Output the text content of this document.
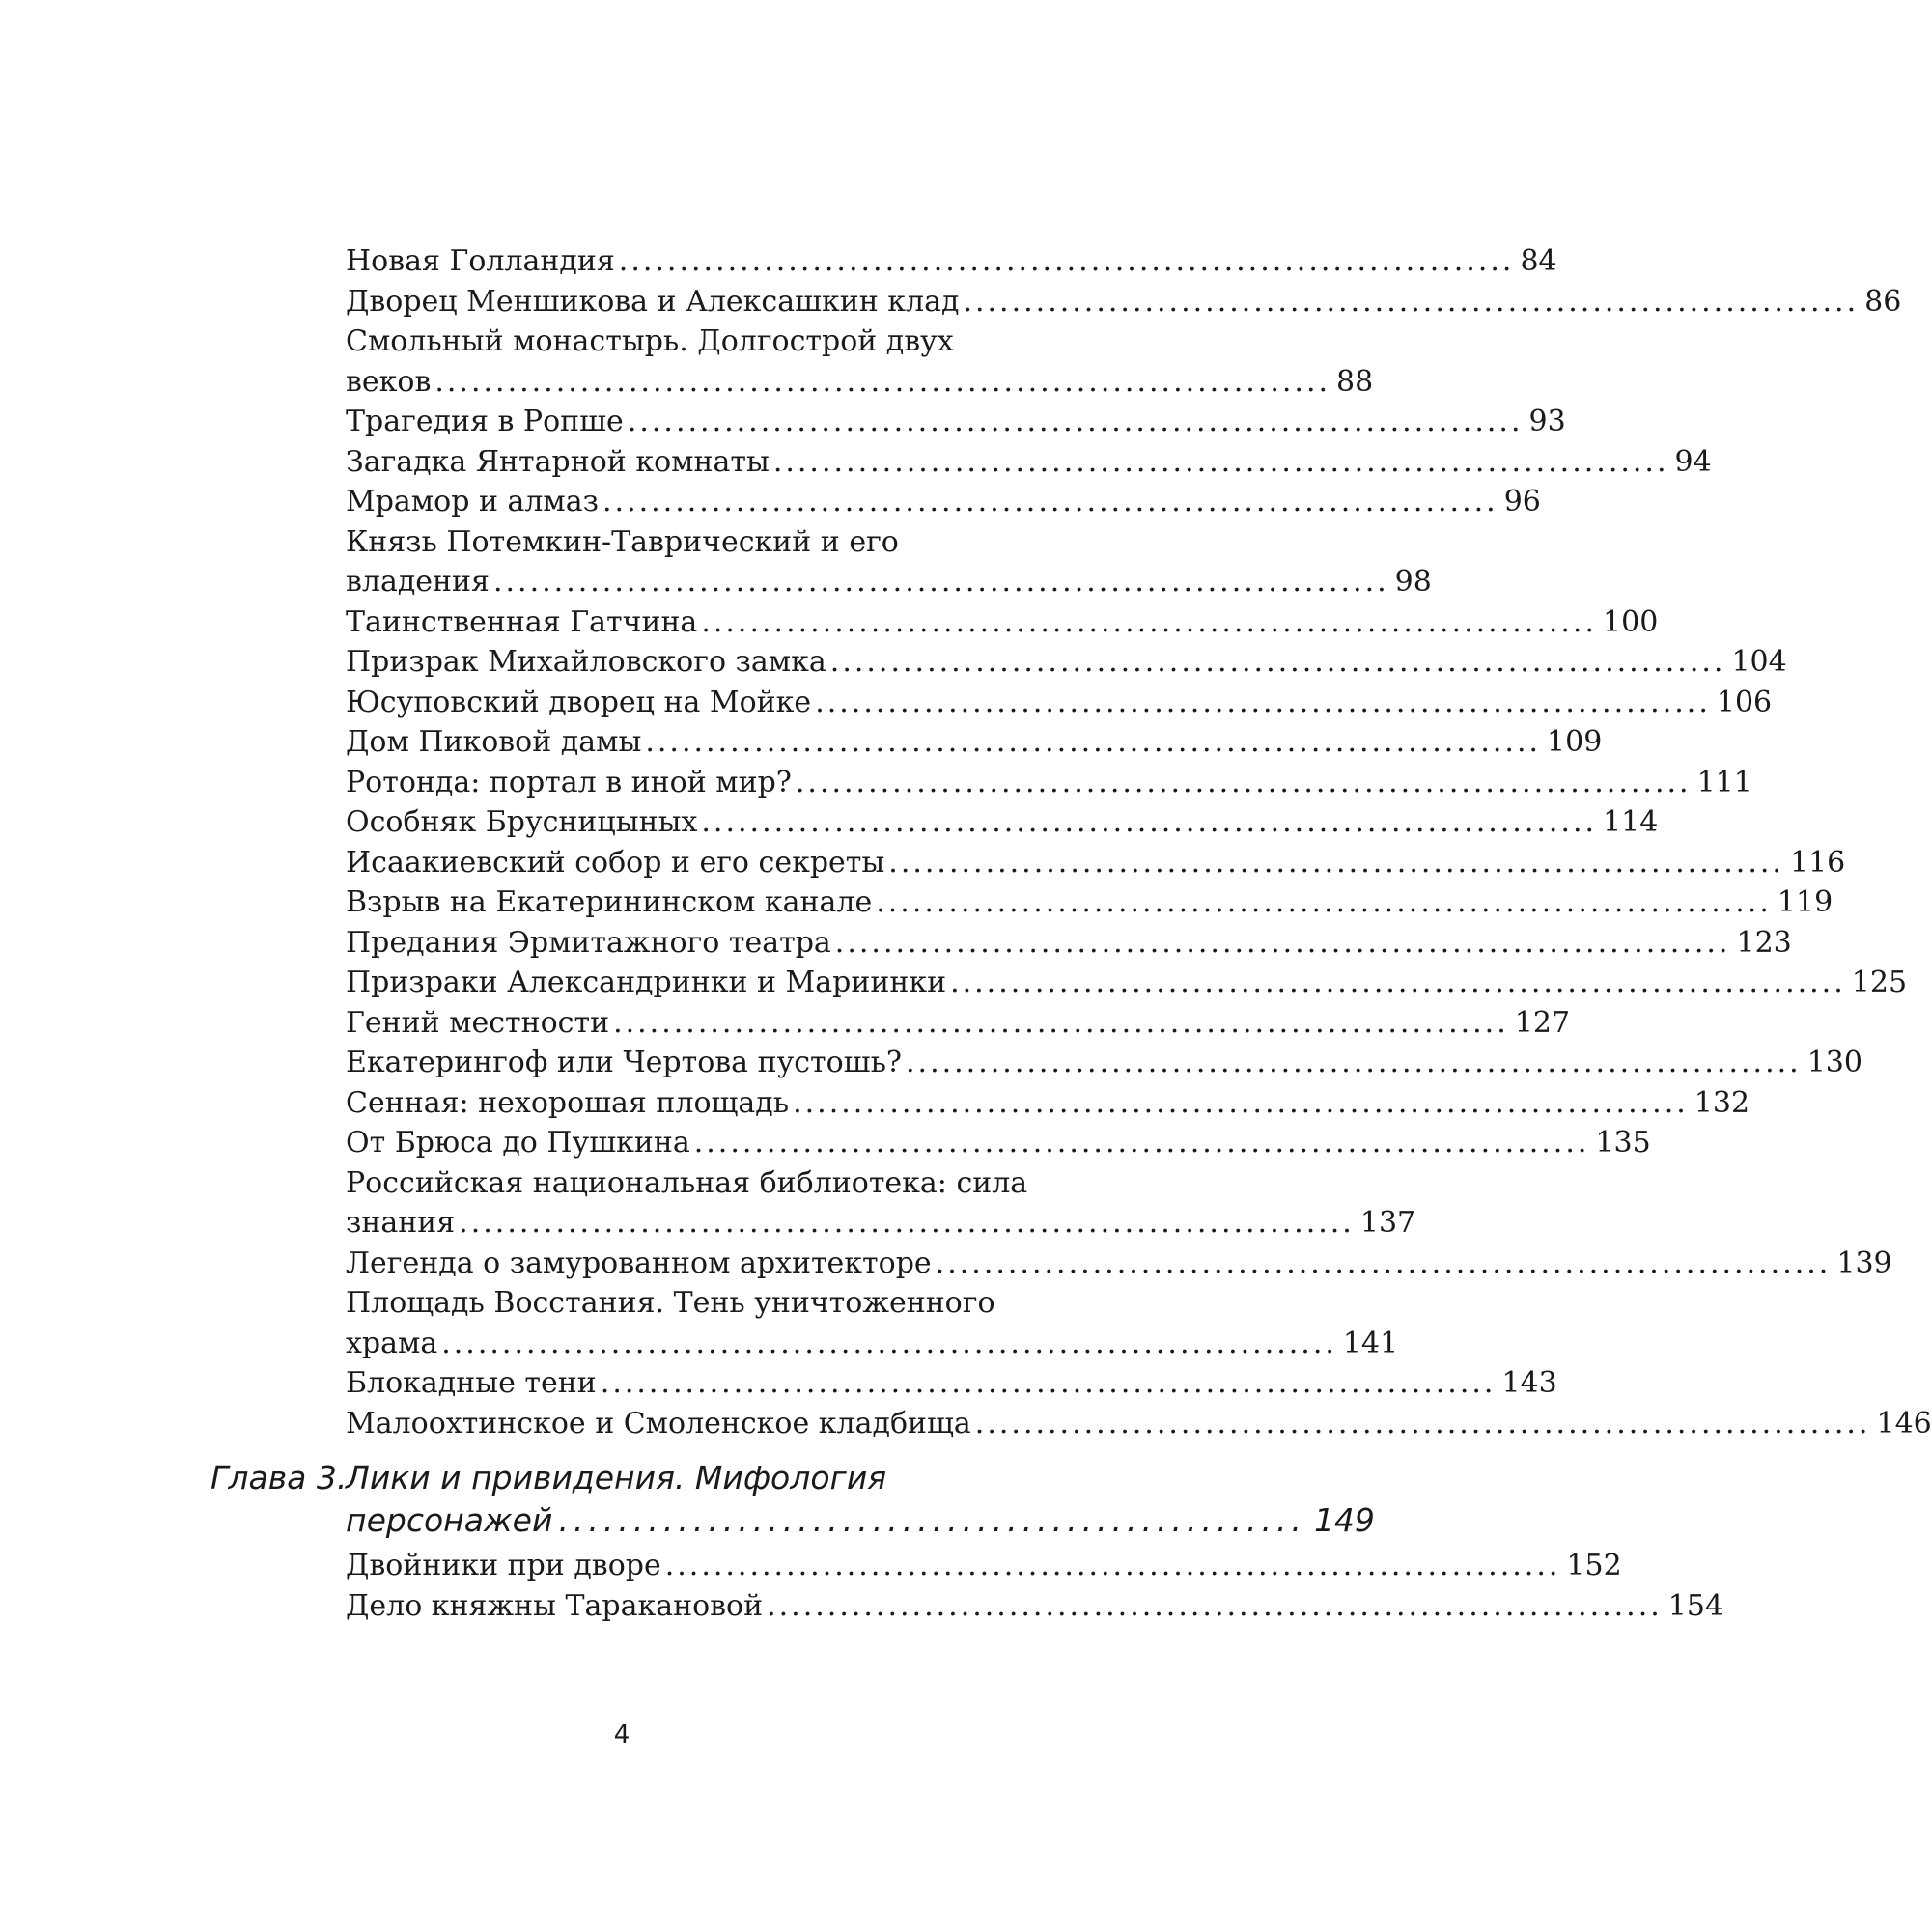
Новая Голландия .......................................................................... 84
Дворец Меншикова и Алексашкин клад .......................................................................... 86
Смольный монастырь. Долгострой двух
веков .......................................................................... 88
Трагедия в Ропше .......................................................................... 93
Загадка Янтарной комнаты .......................................................................... 94
Мрамор и алмаз .......................................................................... 96
Князь Потемкин-Таврический и его
владения .......................................................................... 98
Таинственная Гатчина .......................................................................... 100
Призрак Михайловского замка .......................................................................... 104
Юсуповский дворец на Мойке .......................................................................... 106
Дом Пиковой дамы .......................................................................... 109
Ротонда: портал в иной мир? .......................................................................... 111
Особняк Брусницыных .......................................................................... 114
Исаакиевский собор и его секреты .......................................................................... 116
Взрыв на Екатерининском канале .......................................................................... 119
Предания Эрмитажного театра .......................................................................... 123
Призраки Александринки и Мариинки .......................................................................... 125
Гений местности .......................................................................... 127
Екатерингоф или Чертова пустошь? .......................................................................... 130
Сенная: нехорошая площадь .......................................................................... 132
От Брюса до Пушкина .......................................................................... 135
Российская национальная библиотека: сила
знания .......................................................................... 137
Легенда о замурованном архитекторе .......................................................................... 139
Площадь Восстания. Тень уничтоженного
храма .......................................................................... 141
Блокадные тени .......................................................................... 143
Малоохтинское и Смоленское кладбища .......................................................................... 146
Глава 3.
Лики и привидения. Мифология
персонажей .................................................. 149
Двойники при дворе .......................................................................... 152
Дело княжны Таракановой .......................................................................... 154
4
